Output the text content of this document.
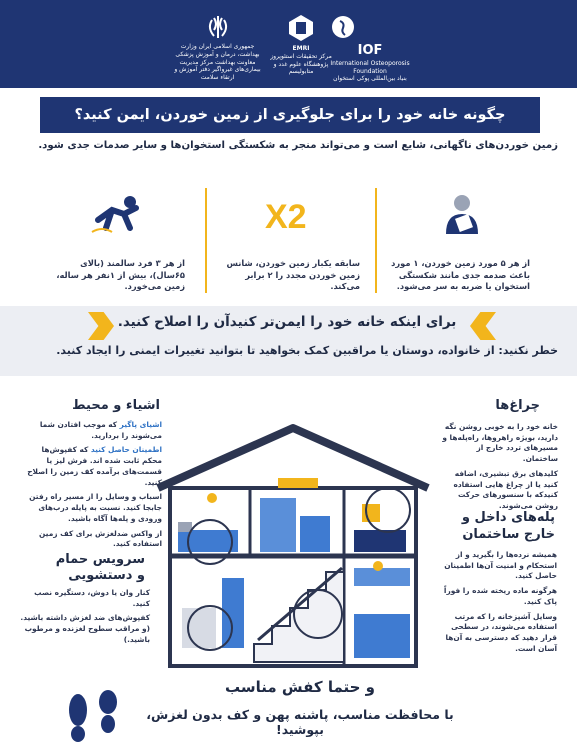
IOF
International Osteoporosis Foundation
بنیاد بین‌المللی پوکی استخوان
EMRI
مرکز تحقیقات استئوپروز پژوهشگاه علوم غدد و متابولیسم
جمهوری اسلامی ایران وزارت بهداشت، درمان و آموزش پزشکی معاونت بهداشت مرکز مدیریت بیماری‌های غیرواگیر دفتر آموزش و ارتقاء سلامت
چگونه خانه خود را برای جلوگیری از زمین خوردن، ایمن کنید؟
زمین خوردن‌های ناگهانی، شایع است و می‌تواند منجر به شکستگی استخوان‌ها و سایر صدمات جدی شود.

از هر ۵ مورد زمین خوردن، ۱ مورد باعث صدمه جدی مانند شکستگی استخوان یا ضربه به سر می‌شود.

X2

سابقه یکبار زمین خوردن، شانس زمین خوردن مجدد را ۲ برابر می‌کند.

از هر ۳ فرد سالمند (بالای ۶۵سال)، بیش از ۱نفر هر ساله، زمین می‌خورد.

برای اینکه خانه خود را ایمن‌تر کنیدآن را اصلاح کنید.
خطر نکنید: از خانواده، دوستان یا مراقبین کمک بخواهید تا بتوانید تغییرات ایمنی را ایجاد کنید.
اشیاء و محیط
اشیای پاگیر که موجب افتادن شما می‌شوند را بردارید.
اطمینان حاصل کنید که کفپوش‌ها محکم ثابت شده اند. فرش لیز یا قسمت‌های برآمده کف زمین را اصلاح کنید.
اسباب و وسایل را از مسیر راه رفتن جابجا کنید. نسبت به پایله درب‌های ورودی و پله‌ها آگاه باشید.
از واکس ضدلغزش برای کف زمین استفاده کنید.
سرویس حمام و دستشویی
کنار وان یا دوش، دستگیره نصب کنید.
کفپوش‌های ضد لغزش داشته باشید. (و مراقب سطوح لغزنده و مرطوب باشید.)
چراغ‌ها
خانه خود را به خوبی روشن نگه دارید، بویژه راهروها، راه‌پله‌ها و مسیرهای تردد خارج از ساختمان.
کلیدهای برق تبشیری، اضافه کنید یا از چراغ هایی استفاده کنیدکه با سنسورهای حرکت روشن می‌شوند.
پله‌های داخل و خارج ساختمان
همیشه نرده‌ها را بگیرید و از استحکام و امنیت آن‌ها اطمینان حاصل کنید.
هرگونه ماده ریخته شده را فوراً پاک کنید.
وسایل آشپزخانه را که مرتب استفاده می‌شوند، در سطحی قرار دهید که دسترسی به آن‌ها آسان است.
و حتما کفش مناسب
با محافظت مناسب، پاشنه پهن و کف بدون لغزش، بپوشید!
